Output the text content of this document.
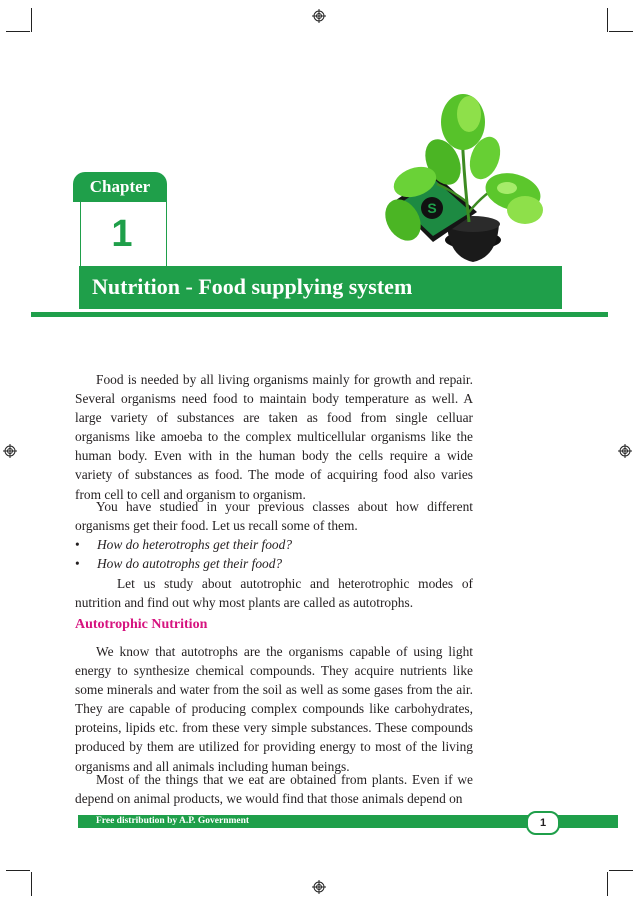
S
Chapter
1
Nutrition - Food supplying system

Food is needed by all living organisms mainly for growth and repair. Several organisms need food to maintain body temperature as well. A large variety of substances are taken as food from single celluar organisms like amoeba to the complex multicellular organisms like the human body. Even with in the human body the cells require a wide variety of substances as food. The mode of acquiring food also varies from cell to cell and organism to organism.

You have studied in your previous classes about how different organisms get their food. Let us recall some of them.

• How do heterotrophs get their food?
• How do autotrophs get their food?

Let us study about autotrophic and heterotrophic modes of nutrition and find out why most plants are called as autotrophs.

Autotrophic Nutrition

We know that autotrophs are the organisms capable of using light energy to synthesize chemical compounds. They acquire nutrients like some minerals and water from the soil as well as some gases from the air. They are capable of producing complex compounds like carbohydrates, proteins, lipids etc. from these very simple substances. These compounds produced by them are utilized for providing energy to most of the living organisms and all animals including human beings.

Most of the things that we eat are obtained from plants. Even if we depend on animal products, we would find that those animals depend on

Free distribution by A.P. Government	1
